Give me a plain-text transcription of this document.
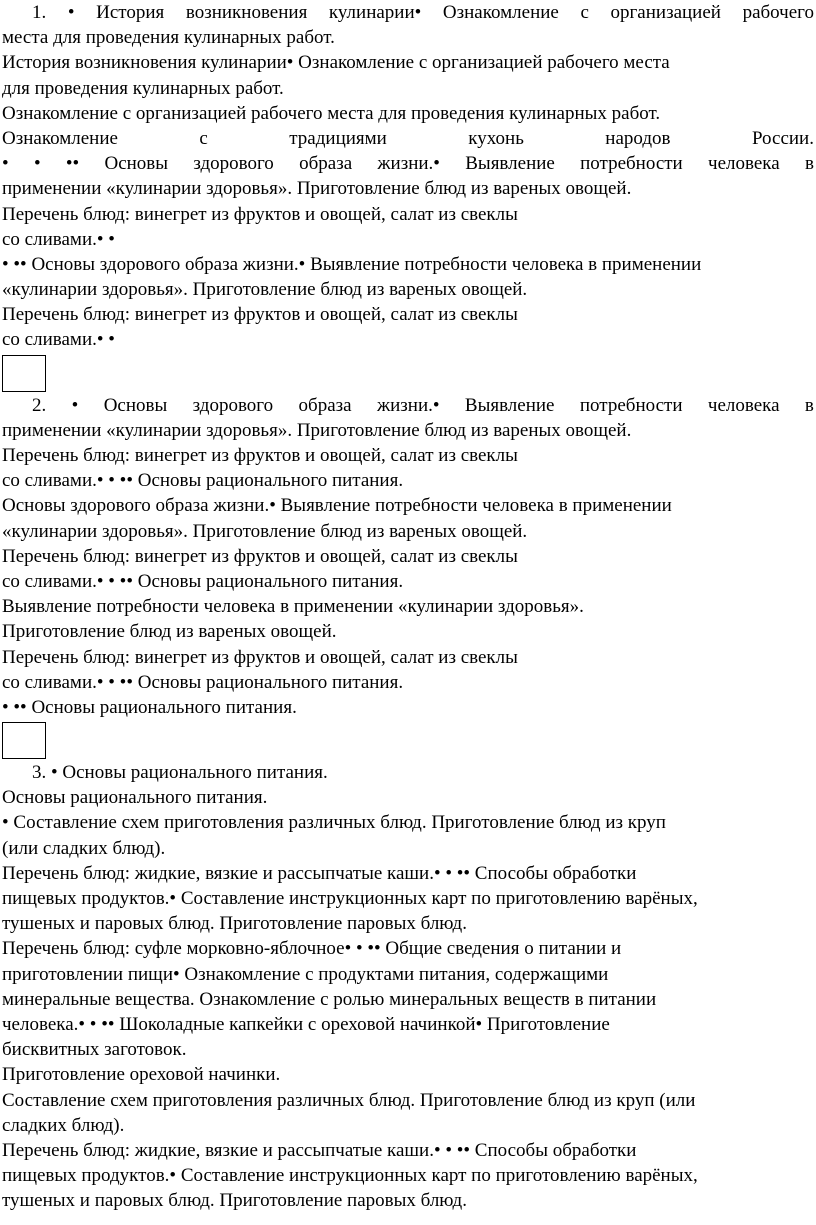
1. • История возникновения кулинарии• Ознакомление с организацией рабочего
места для проведения кулинарных работ.
История возникновения кулинарии• Ознакомление с организацией рабочего места
для проведения кулинарных работ.
Ознакомление с организацией рабочего места для проведения кулинарных работ.
Ознакомление	с	традициями	кухонь	народов	России.
• • •• Основы здорового образа жизни.• Выявление потребности человека в
применении «кулинарии здоровья». Приготовление блюд из вареных овощей.
Перечень блюд: винегрет из фруктов и овощей, салат из свеклы
со сливами.• •
• •• Основы здорового образа жизни.• Выявление потребности человека в применении
«кулинарии здоровья». Приготовление блюд из вареных овощей.
Перечень блюд: винегрет из фруктов и овощей, салат из свеклы
со сливами.• •
2. • Основы здорового образа жизни.• Выявление потребности человека в
применении «кулинарии здоровья». Приготовление блюд из вареных овощей.
Перечень блюд: винегрет из фруктов и овощей, салат из свеклы
со сливами.• • •• Основы рационального питания.
Основы здорового образа жизни.• Выявление потребности человека в применении
«кулинарии здоровья». Приготовление блюд из вареных овощей.
Перечень блюд: винегрет из фруктов и овощей, салат из свеклы
со сливами.• • •• Основы рационального питания.
Выявление потребности человека в применении «кулинарии здоровья».
Приготовление блюд из вареных овощей.
Перечень блюд: винегрет из фруктов и овощей, салат из свеклы
со сливами.• • •• Основы рационального питания.
• •• Основы рационального питания.
3. • Основы рационального питания.
Основы рационального питания.
• Составление схем приготовления различных блюд. Приготовление блюд из круп
(или сладких блюд).
Перечень блюд: жидкие, вязкие и рассыпчатые каши.• • •• Способы обработки
пищевых продуктов.• Составление инструкционных карт по приготовлению варёных,
тушеных и паровых блюд. Приготовление паровых блюд.
Перечень блюд: суфле морковно-яблочное• • •• Общие сведения о питании и
приготовлении пищи• Ознакомление с продуктами питания, содержащими
минеральные вещества. Ознакомление с ролью минеральных веществ в питании
человека.• • •• Шоколадные капкейки с ореховой начинкой• Приготовление
бисквитных заготовок.
Приготовление ореховой начинки.
Составление схем приготовления различных блюд. Приготовление блюд из круп (или
сладких блюд).
Перечень блюд: жидкие, вязкие и рассыпчатые каши.• • •• Способы обработки
пищевых продуктов.• Составление инструкционных карт по приготовлению варёных,
тушеных и паровых блюд. Приготовление паровых блюд.
